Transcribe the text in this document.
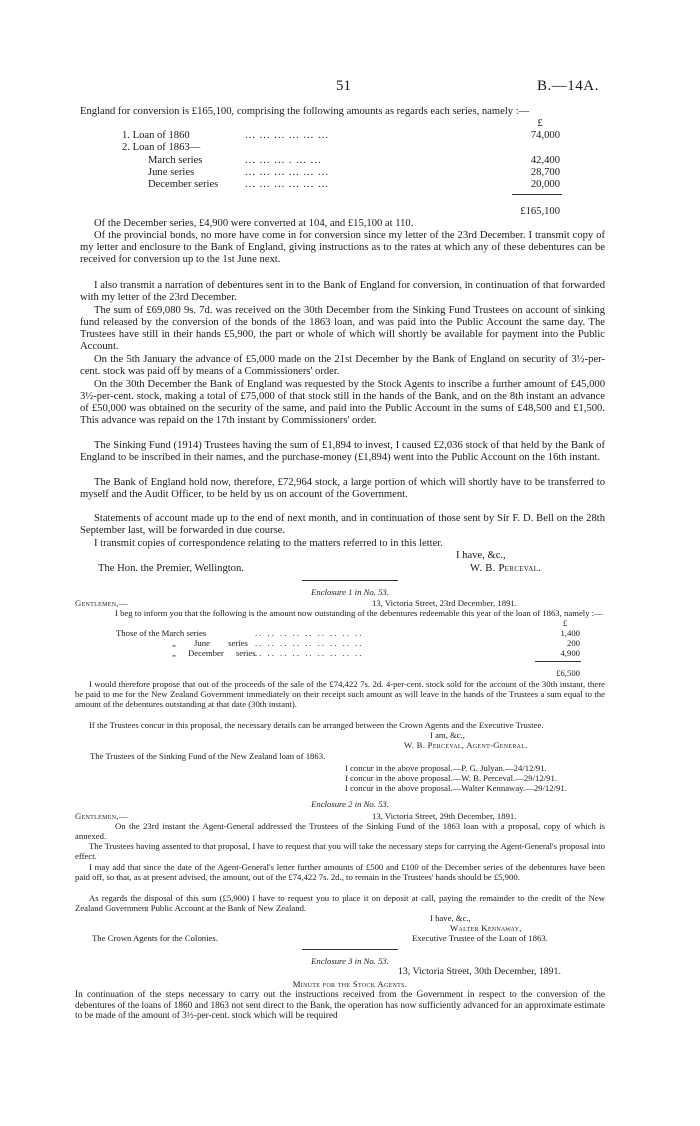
51	B.—14A.
England for conversion is £165,100, comprising the following amounts as regards each series, namely :—
£
1. Loan of 1860	... ... ... ... ... ...	74,000
2. Loan of 1863—
March series	... ... ... . ... ...	42,400
June series	... ... ... ... ... ...	28,700
December series	... ... ... ... ... ...	20,000
£165,100
Of the December series, £4,900 were converted at 104, and £15,100 at 110.
Of the provincial bonds, no more have come in for conversion since my letter of the 23rd December. I transmit copy of my letter and enclosure to the Bank of England, giving instructions as to the rates at which any of these debentures can be received for conversion up to the 1st June next.
I also transmit a narration of debentures sent in to the Bank of England for conversion, in continuation of that forwarded with my letter of the 23rd December.
The sum of £69,080 9s. 7d. was received on the 30th December from the Sinking Fund Trustees on account of sinking fund released by the conversion of the bonds of the 1863 loan, and was paid into the Public Account the same day. The Trustees have still in their hands £5,900, the part or whole of which will shortly be available for payment into the Public Account.
On the 5th January the advance of £5,000 made on the 21st December by the Bank of England on security of 3½-per-cent. stock was paid off by means of a Commissioners' order.
On the 30th December the Bank of England was requested by the Stock Agents to inscribe a further amount of £45,000 3½-per-cent. stock, making a total of £75,000 of that stock still in the hands of the Bank, and on the 8th instant an advance of £50,000 was obtained on the security of the same, and paid into the Public Account in the sums of £48,500 and £1,500. This advance was repaid on the 17th instant by Commissioners' order.
The Sinking Fund (1914) Trustees having the sum of £1,894 to invest, I caused £2,036 stock of that held by the Bank of England to be inscribed in their names, and the purchase-money (£1,894) went into the Public Account on the 16th instant.
The Bank of England hold now, therefore, £72,964 stock, a large portion of which will shortly have to be transferred to myself and the Audit Officer, to be held by us on account of the Government.
Statements of account made up to the end of next month, and in continuation of those sent by Sir F. D. Bell on the 28th September last, will be forwarded in due course.
I transmit copies of correspondence relating to the matters referred to in this letter.
I have, &c.,
The Hon. the Premier, Wellington.	W. B. Perceval.
Enclosure 1 in No. 53.
Gentlemen,—	13, Victoria Street, 23rd December, 1891.
I beg to inform you that the following is the amount now outstanding of the debentures redeemable this year of the loan of 1863, namely :—
£
Those of the March series	.. .. .. .. .. .. .. .. ..	1,400
„ June series .. .. .. .. .. .. .. .. ..	200
„ December series .. .. .. .. .. .. .. .. ..	4,900
£6,500
I would therefore propose that out of the proceeds of the sale of the £74,422 7s. 2d. 4-per-cent. stock sold for the account of the 30th instant, there be paid to me for the New Zealand Government immediately on their receipt such amount as will leave in the hands of the Trustees a sum equal to the amount of the debentures outstanding at that date (30th instant).
If the Trustees concur in this proposal, the necessary details can be arranged between the Crown Agents and the Executive Trustee.
I am, &c.,
W. B. Perceval, Agent-General.
The Trustees of the Sinking Fund of the New Zealand loan of 1863.
I concur in the above proposal.—P. G. Julyan.—24/12/91.
I concur in the above proposal.—W. B. Perceval.—29/12/91.
I concur in the above proposal.—Walter Kennaway.—29/12/91.
Enclosure 2 in No. 53.
Gentlemen,—	13, Victoria Street, 29th December, 1891.
On the 23rd instant the Agent-General addressed the Trustees of the Sinking Fund of the 1863 loan with a proposal, copy of which is annexed.
The Trustees having assented to that proposal, I have to request that you will take the necessary steps for carrying the Agent-General's proposal into effect.
I may add that since the date of the Agent-General's letter further amounts of £500 and £100 of the December series of the debentures have been paid off, so that, as at present advised, the amount, out of the £74,422 7s. 2d., to remain in the Trustees' hands should be £5,900.
As regards the disposal of this sum (£5,900) I have to request you to place it on deposit at call, paying the remainder to the credit of the New Zealand Government Public Account at the Bank of New Zealand.
I have, &c.,
Walter Kennaway,
The Crown Agents for the Colonies.	Executive Trustee of the Loan of 1863.
Enclosure 3 in No. 53.
13, Victoria Street, 30th December, 1891.
Minute for the Stock Agents.
In continuation of the steps necessary to carry out the instructions received from the Government in respect to the conversion of the debentures of the loans of 1860 and 1863 not sent direct to the Bank, the operation has now sufficiently advanced for an approximate estimate to be made of the amount of 3½-per-cent. stock which will be required
